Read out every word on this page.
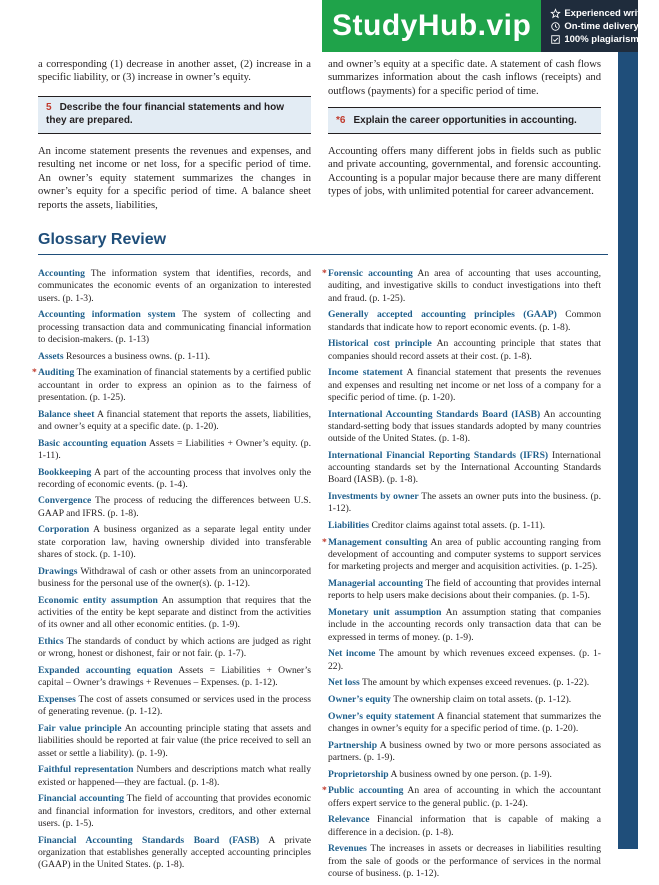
StudyHub.vip	Experienced writers
On-time delivery
100% plagiarism free

a corresponding (1) decrease in another asset, (2) increase in a specific liability, or (3) increase in owner’s equity.

and owner’s equity at a specific date. A statement of cash flows summarizes information about the cash inflows (receipts) and outflows (payments) for a specific period of time.

5 Describe the four financial statements and how they are prepared.

An income statement presents the revenues and expenses, and resulting net income or net loss, for a specific period of time. An owner’s equity statement summarizes the changes in owner’s equity for a specific period of time. A balance sheet reports the assets, liabilities,

*6 Explain the career opportunities in accounting.

Accounting offers many different jobs in fields such as public and private accounting, governmental, and forensic accounting. Accounting is a popular major because there are many different types of jobs, with unlimited potential for career advancement.

Glossary Review

Accounting The information system that identifies, records, and communicates the economic events of an organization to interested users. (p. 1-3).

Accounting information system The system of collecting and processing transaction data and communicating financial information to decision-makers. (p. 1-13)

Assets Resources a business owns. (p. 1-11).

* Auditing The examination of financial statements by a certified public accountant in order to express an opinion as to the fairness of presentation. (p. 1-25).

Balance sheet A financial statement that reports the assets, liabilities, and owner’s equity at a specific date. (p. 1-20).

Basic accounting equation Assets = Liabilities + Owner’s equity. (p. 1-11).

Bookkeeping A part of the accounting process that involves only the recording of economic events. (p. 1-4).

Convergence The process of reducing the differences between U.S. GAAP and IFRS. (p. 1-8).

Corporation A business organized as a separate legal entity under state corporation law, having ownership divided into transferable shares of stock. (p. 1-10).

Drawings Withdrawal of cash or other assets from an unincorporated business for the personal use of the owner(s). (p. 1-12).

Economic entity assumption An assumption that requires that the activities of the entity be kept separate and distinct from the activities of its owner and all other economic entities. (p. 1-9).

Ethics The standards of conduct by which actions are judged as right or wrong, honest or dishonest, fair or not fair. (p. 1-7).

Expanded accounting equation Assets = Liabilities + Owner’s capital – Owner’s drawings + Revenues – Expenses. (p. 1-12).

Expenses The cost of assets consumed or services used in the process of generating revenue. (p. 1-12).

Fair value principle An accounting principle stating that assets and liabilities should be reported at fair value (the price received to sell an asset or settle a liability). (p. 1-9).

Faithful representation Numbers and descriptions match what really existed or happened—they are factual. (p. 1-8).

Financial accounting The field of accounting that provides economic and financial information for investors, creditors, and other external users. (p. 1-5).

Financial Accounting Standards Board (FASB) A private organization that establishes generally accepted accounting principles (GAAP) in the United States. (p. 1-8).

* Forensic accounting An area of accounting that uses accounting, auditing, and investigative skills to conduct investigations into theft and fraud. (p. 1-25).

Generally accepted accounting principles (GAAP) Common standards that indicate how to report economic events. (p. 1-8).

Historical cost principle An accounting principle that states that companies should record assets at their cost. (p. 1-8).

Income statement A financial statement that presents the revenues and expenses and resulting net income or net loss of a company for a specific period of time. (p. 1-20).

International Accounting Standards Board (IASB) An accounting standard-setting body that issues standards adopted by many countries outside of the United States. (p. 1-8).

International Financial Reporting Standards (IFRS) International accounting standards set by the International Accounting Standards Board (IASB). (p. 1-8).

Investments by owner The assets an owner puts into the business. (p. 1-12).

Liabilities Creditor claims against total assets. (p. 1-11).

* Management consulting An area of public accounting ranging from development of accounting and computer systems to support services for marketing projects and merger and acquisition activities. (p. 1-25).

Managerial accounting The field of accounting that provides internal reports to help users make decisions about their companies. (p. 1-5).

Monetary unit assumption An assumption stating that companies include in the accounting records only transaction data that can be expressed in terms of money. (p. 1-9).

Net income The amount by which revenues exceed expenses. (p. 1-22).

Net loss The amount by which expenses exceed revenues. (p. 1-22).

Owner’s equity The ownership claim on total assets. (p. 1-12).

Owner’s equity statement A financial statement that summarizes the changes in owner’s equity for a specific period of time. (p. 1-20).

Partnership A business owned by two or more persons associated as partners. (p. 1-9).

Proprietorship A business owned by one person. (p. 1-9).

* Public accounting An area of accounting in which the accountant offers expert service to the general public. (p. 1-24).

Relevance Financial information that is capable of making a difference in a decision. (p. 1-8).

Revenues The increases in assets or decreases in liabilities resulting from the sale of goods or the performance of services in the normal course of business. (p. 1-12).
